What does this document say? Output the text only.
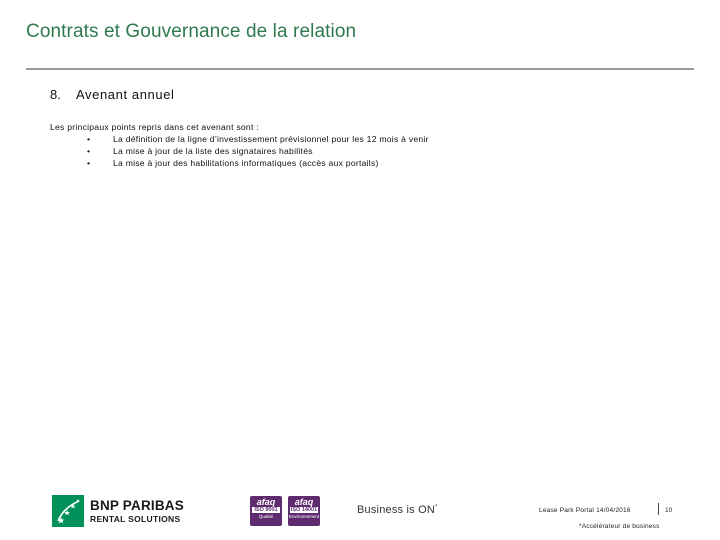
Contrats et Gouvernance de la relation
8. Avenant annuel
Les principaux points repris dans cet avenant sont :
•	La définition de la ligne d’investissement prévisionnel pour les 12 mois à venir
•	La mise à jour de la liste des signataires habilités
•	La mise à jour des habilitations informatiques (accès aux portails)
BNP PARIBAS
RENTAL SOLUTIONS
afaq
ISO 9001
Qualité
afaq
ISO 14001
Environnement
Business is ON*	Lease Park Portal 14/04/2016	10
*Accélérateur de business
